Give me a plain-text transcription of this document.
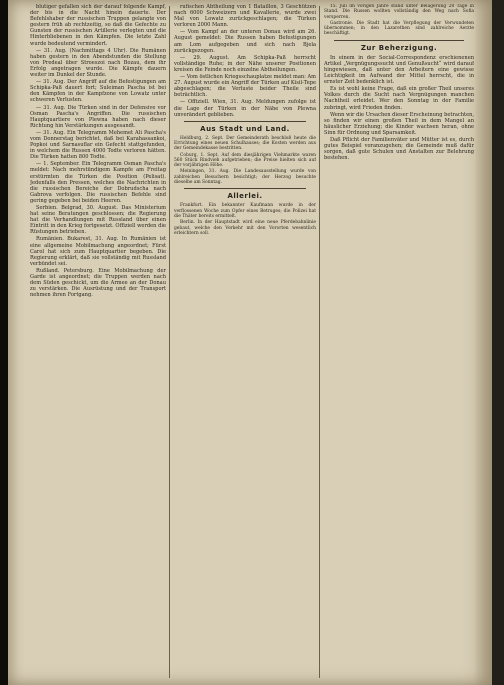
blutiger gefallen sich der darauf folgende Kampf, der bis in die Nacht hinein dauerte. Der Befehlshaber der russischen Truppen gelangte von gestern früh ab rechtzeitig, so daß die Gefechte zu Gunsten der russischen Artillerie verlegten und die Hinterbliebenen in den Kämpfen. Die letzte Zahl wurde bedeutend vermindert.

— 31. Aug. (Nachmittags 4 Uhr). Die Rumänen haben gestern in den Abendstunden die Stellung von Predeal über Stroeszoi nach Bozau, dem ihr Erfolg angetragen wurde. Die Kämpfe dauern weiter im Dunkel der Stunde.

— 31. Aug. Der Angriff auf die Befestigungen am Schipka-Paß dauert fort; Suleiman Pascha ist bei den Kämpfen in der Kampfzone von Lowatz unter schweren Verlusten.

— 31. Aug. Die Türken sind in der Defensive vor Osman Pascha's Angriffen. Die russischen Hauptquartiere von Plewna haben nach dieser Richtung hin Verstärkungen ausgesandt.

— 31. Aug. Ein Telegramm Mehemet Ali Pascha's vom Donnerstag berichtet, daß bei Karahassankoi, Popkoi und Sarnasuflar ein Gefecht stattgefunden, in welchem die Russen 4000 Todte verloren hätten. Die Türken hatten 800 Todte.

— 1. September. Ein Telegramm Osman Pascha's meldet: Nach mehrstündigem Kampfe am Freitag erstürmten die Türken die Position (Pelisat). Jedenfalls den Pressen, welches die Nachrichten in die russischen Bereiche der Dobrudscha nach Gabrova verfolgen. Die russischen Befehle sind gering gegeben bei beiden Heeren.

Serbien. Belgrad, 30. August. Das Ministerium hat seine Beratungen geschlossen; die Regierung hat die Verhandlungen mit Russland über einen Eintritt in den Krieg fortgesetzt. Offiziell werden die Rüstungen betrieben.

Rumänien. Bukarest, 31. Aug. In Rumänien ist eine allgemeine Mobilmachung angeordnet; Fürst Carol hat sich zum Hauptquartier begeben. Die Regierung erklärt, daß sie vollständig mit Russland verbündet sei.

Rußland. Petersburg. Eine Mobilmachung der Garde ist angeordnet; die Truppen werden nach dem Süden geschickt, um die Armee an der Donau zu verstärken. Die Ausrüstung und der Transport nehmen ihren Fortgang.

rufischen Abtheilung von 1 Bataillon, 3 Geschützen nach 6000 Schweizern und Kavallerie, wurde zwei Mal von Lowatz zurückgeschlagen; die Türken verloren 2000 Mann.

— Vom Kampf an der unteren Donau wird am 26. August gemeldet: Die Russen haben Befestigungen am Lom aufgegeben und sich nach Bjela zurückgezogen.

— 29. August. Am Schipka-Paß herrscht vollständige Ruhe; in der Nähe unserer Positionen kreisen die Feinde noch einzelne Abtheilungen.

— Vom östlichen Kriegsschauplatze meldet man: Am 27. August wurde ein Angriff der Türken auf Kisil-Tepe abgeschlagen; die Verluste beider Theile sind beträchtlich.

— Offiziell. Wien, 31. Aug. Meldungen zufolge ist die Lage der Türken in der Nähe von Plewna unverändert geblieben.

Aus Stadt und Land.

Heldburg, 2. Sept. Der Gemeinderath beschloß heute die Errichtung eines neuen Schulhauses; die Kosten werden aus der Gemeindekasse bestritten.

Coburg, 1. Sept. Auf dem diesjährigen Viehmarkte waren 560 Stück Rindvieh aufgetrieben; die Preise hielten sich auf der vorjährigen Höhe.

Meiningen, 31. Aug. Die Landesausstellung wurde von zahlreichen Besuchern besichtigt; der Herzog besuchte dieselbe am Sonntag.

Allerlei.

Frankfurt. Ein bekannter Kaufmann wurde in der verflossenen Woche zum Opfer eines Betruges; die Polizei hat die Thäter bereits ermittelt.

Berlin. In der Hauptstadt wird eine neue Pferdebahnlinie gebaut, welche den Verkehr mit den Vororten wesentlich erleichtern soll.

15. Juli im vorigen Jahre stand unter Belagerung 28 Tage in Stand. Die Russen wollten vollständig den Weg nach Sofia versperren.

Gastronie. Die Stadt hat die Verpflegung der Verwundeten übernommen; in den Lazarethen sind zahlreiche Aerzte beschäftigt.

Zur Beherzigung.

In einem in der Social-Correspondenz erschienenen Artikel „Vergnügungssucht und Genußsucht“ wird darauf hingewiesen, daß unter den Arbeitern eine gewisse Leichtigkeit im Aufwand der Mittel herrscht, die in ernster Zeit bedenklich ist.

Es ist wohl keine Frage, daß ein großer Theil unseres Volkes durch die Sucht nach Vergnügungen manchen Nachtheil erleidet. Wer den Sonntag in der Familie zubringt, wird Frieden finden.

Wenn wir die Ursachen dieser Erscheinung betrachten, so finden wir einen großen Theil in dem Mangel an häuslicher Erziehung; die Kinder wachsen heran, ohne Sinn für Ordnung und Sparsamkeit.

Daß Pflicht der Familienväter und Mütter ist es, durch gutes Beispiel voranzugehen; die Gemeinde muß dafür sorgen, daß gute Schulen und Anstalten zur Belehrung bestehen.
